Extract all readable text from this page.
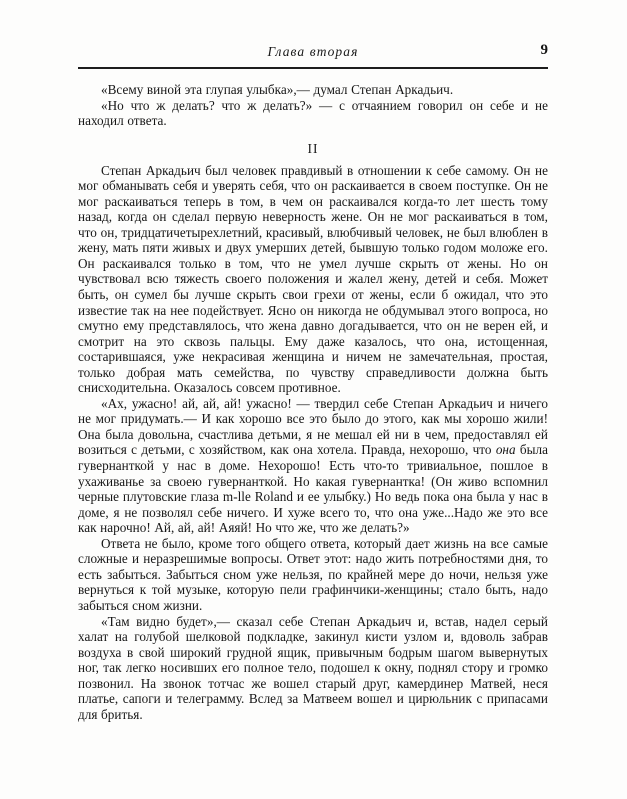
Глава вторая	9

«Всему виной эта глупая улыбка»,— думал Степан Аркадьич.

«Но что ж делать? что ж делать?» — с отчаянием говорил он себе и не находил ответа.

II

Степан Аркадьич был человек правдивый в отношении к себе самому. Он не мог обманывать себя и уверять себя, что он раскаивается в своем поступке. Он не мог раскаиваться теперь в том, в чем он раскаивался когда-то лет шесть тому назад, когда он сделал первую неверность жене. Он не мог раскаиваться в том, что он, тридцатичетырехлетний, красивый, влюбчивый человек, не был влюблен в жену, мать пяти живых и двух умерших детей, бывшую только годом моложе его. Он раскаивался только в том, что не умел лучше скрыть от жены. Но он чувствовал всю тяжесть своего положения и жалел жену, детей и себя. Может быть, он сумел бы лучше скрыть свои грехи от жены, если б ожидал, что это известие так на нее подействует. Ясно он никогда не обдумывал этого вопроса, но смутно ему представлялось, что жена давно догадывается, что он не верен ей, и смотрит на это сквозь пальцы. Ему даже казалось, что она, истощенная, состарившаяся, уже некрасивая женщина и ничем не замечательная, простая, только добрая мать семейства, по чувству справедливости должна быть снисходительна. Оказалось совсем противное.

«Ах, ужасно! ай, ай, ай! ужасно! — твердил себе Степан Аркадьич и ничего не мог придумать.— И как хорошо все это было до этого, как мы хорошо жили! Она была довольна, счастлива детьми, я не мешал ей ни в чем, предоставлял ей возиться с детьми, с хозяйством, как она хотела. Правда, нехорошо, что она была гувернанткой у нас в доме. Нехорошо! Есть что-то тривиальное, пошлое в ухаживанье за своею гувернанткой. Но какая гувернантка! (Он живо вспомнил черные плутовские глаза m-lle Roland и ее улыбку.) Но ведь пока она была у нас в доме, я не позволял себе ничего. И хуже всего то, что она уже...Надо же это все как нарочно! Ай, ай, ай! Аяяй! Но что же, что же делать?»

Ответа не было, кроме того общего ответа, который дает жизнь на все самые сложные и неразрешимые вопросы. Ответ этот: надо жить потребностями дня, то есть забыться. Забыться сном уже нельзя, по крайней мере до ночи, нельзя уже вернуться к той музыке, которую пели графинчики-женщины; стало быть, надо забыться сном жизни.

«Там видно будет»,— сказал себе Степан Аркадьич и, встав, надел серый халат на голубой шелковой подкладке, закинул кисти узлом и, вдоволь забрав воздуха в свой широкий грудной ящик, привычным бодрым шагом вывернутых ног, так легко носивших его полное тело, подошел к окну, поднял стору и громко позвонил. На звонок тотчас же вошел старый друг, камердинер Матвей, неся платье, сапоги и телеграмму. Вслед за Матвеем вошел и цирюльник с припасами для бритья.
